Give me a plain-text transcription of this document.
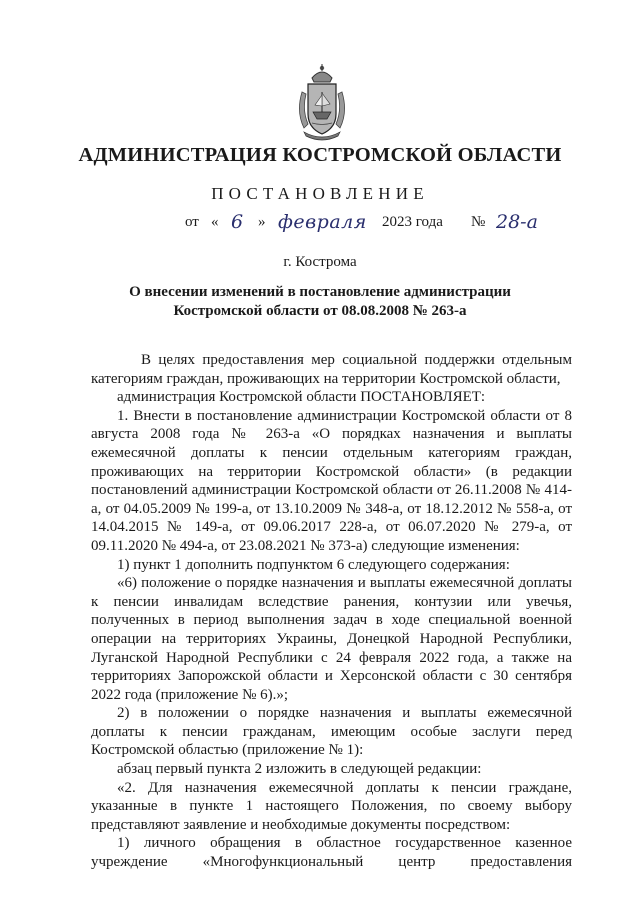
АДМИНИСТРАЦИЯ КОСТРОМСКОЙ ОБЛАСТИ
ПОСТАНОВЛЕНИЕ
от « 6 » февраля 2023 года № 28-а
г. Кострома
О внесении изменений в постановление администрации
Костромской области от 08.08.2008 № 263-а

В целях предоставления мер социальной поддержки отдельным категориям граждан, проживающих на территории Костромской области,

администрация Костромской области ПОСТАНОВЛЯЕТ:

1. Внести в постановление администрации Костромской области от 8 августа 2008 года № 263-а «О порядках назначения и выплаты ежемесячной доплаты к пенсии отдельным категориям граждан, проживающих на территории Костромской области» (в редакции постановлений администрации Костромской области от 26.11.2008 № 414-а, от 04.05.2009 № 199-а, от 13.10.2009 № 348-а, от 18.12.2012 № 558-а, от 14.04.2015 № 149-а, от 09.06.2017 228-а, от 06.07.2020 № 279-а, от 09.11.2020 № 494-а, от 23.08.2021 № 373-а) следующие изменения:

1) пункт 1 дополнить подпунктом 6 следующего содержания:

«6) положение о порядке назначения и выплаты ежемесячной доплаты к пенсии инвалидам вследствие ранения, контузии или увечья, полученных в период выполнения задач в ходе специальной военной операции на территориях Украины, Донецкой Народной Республики, Луганской Народной Республики с 24 февраля 2022 года, а также на территориях Запорожской области и Херсонской области с 30 сентября 2022 года (приложение № 6).»;

2) в положении о порядке назначения и выплаты ежемесячной доплаты к пенсии гражданам, имеющим особые заслуги перед Костромской областью (приложение № 1):

абзац первый пункта 2 изложить в следующей редакции:

«2. Для назначения ежемесячной доплаты к пенсии граждане, указанные в пункте 1 настоящего Положения, по своему выбору представляют заявление и необходимые документы посредством:

1) личного обращения в областное государственное казенное учреждение «Многофункциональный центр предоставления
